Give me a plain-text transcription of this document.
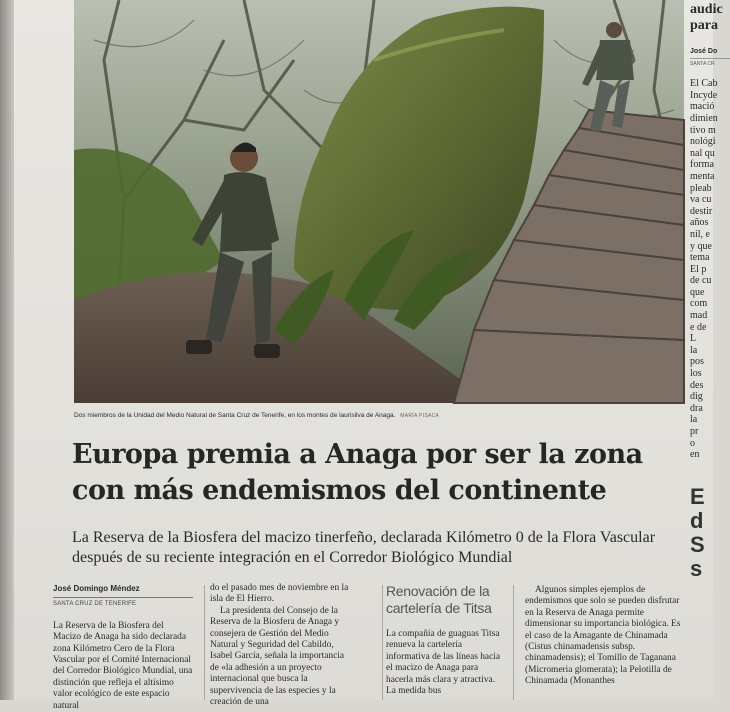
Dos miembros de la Unidad del Medio Natural de Santa Cruz de Tenerife, en los montes de laurisilva de Anaga. MARÍA PISACA
Europa premia a Anaga por ser la zona con más endemismos del continente
La Reserva de la Biosfera del macizo tinerfeño, declarada Kilómetro 0 de la Flora Vascular después de su reciente integración en el Corredor Biológico Mundial
José Domingo Méndez
SANTA CRUZ DE TENERIFE

La Reserva de la Biosfera del Macizo de Anaga ha sido declarada zona Kilómetro Cero de la Flora Vascular por el Comité Internacional del Corredor Biológico Mundial, una distinción que refleja el altísimo valor ecológico de este espacio natural

do el pasado mes de noviembre en la isla de El Hierro.

La presidenta del Consejo de la Reserva de la Biosfera de Anaga y consejera de Gestión del Medio Natural y Seguridad del Cabildo, Isabel García, señala la importancia de «la adhesión a un proyecto internacional que busca la supervivencia de las especies y la creación de una

Renovación de la cartelería de Titsa

La compañía de guaguas Titsa renueva la cartelería informativa de las líneas hacia el macizo de Anaga para hacerla más clara y atractiva. La medida bus

Algunos simples ejemplos de endemismos que solo se pueden disfrutar en la Reserva de Anaga permite dimensionar su importancia biológica. Es el caso de la Amagante de Chinamada (Cistus chinamadensis subsp. chinamadensis); el Tomillo de Taganana (Micromeria glomerata); la Pelotilla de Chinamada (Monanthes

audic
para
José Do
SANTA CR
El Cab
Incyde
mació
dimien
tivo m
nológi
nal qu
forma
menta
pleab
va cu
destir
años
nil, e
y que
tema
El p
de cu
que
com
mad
e de
L
la
pos
los
des
dig
dra
la
pr
o
en
E
d
S
s
